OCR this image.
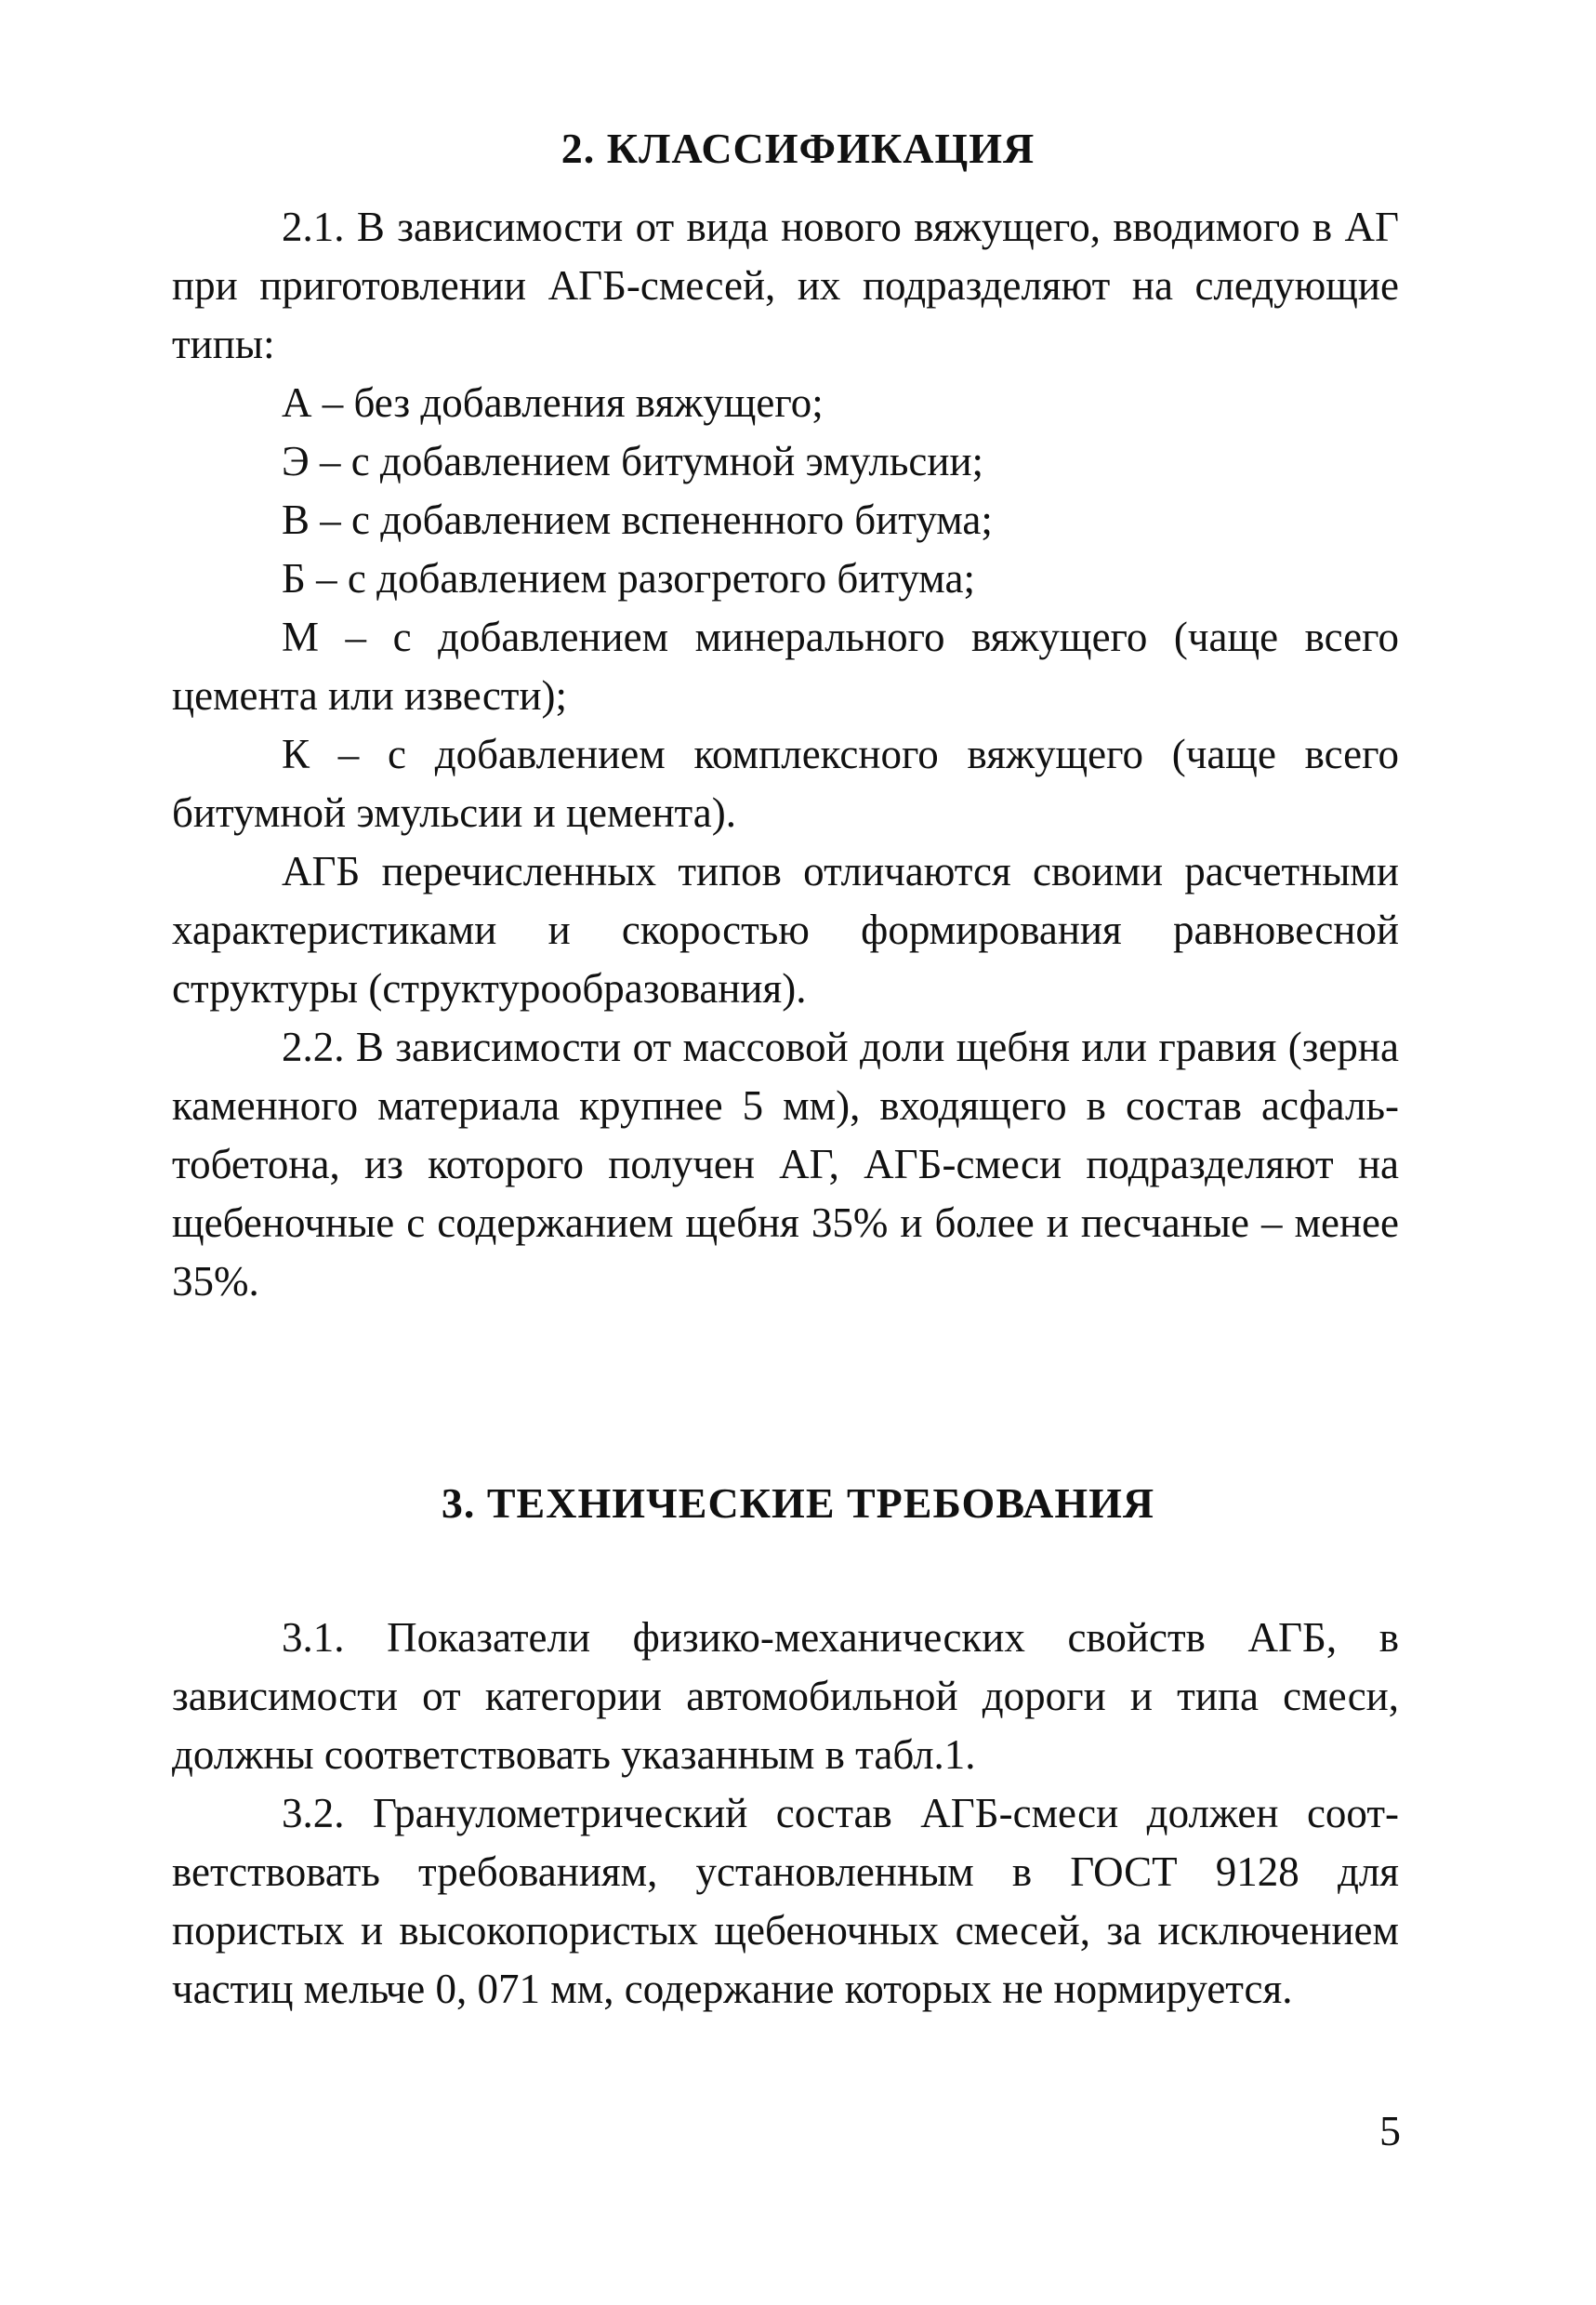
2. КЛАССИФИКАЦИЯ

2.1. В зависимости от вида нового вяжущего, вводимого в АГ

при приготовлении АГБ-смесей, их подразделяют на следующие

типы:

А – без добавления вяжущего;

Э – с добавлением битумной эмульсии;

В – с добавлением вспененного битума;

Б – с добавлением разогретого битума;

М – с добавлением минерального вяжущего (чаще всего

цемента или извести);

К – с добавлением комплексного вяжущего (чаще всего

битумной эмульсии и цемента).

АГБ перечисленных типов отличаются своими расчетными

характеристиками и скоростью формирования равновесной

структуры (структурообразования).

2.2. В зависимости от массовой доли щебня или гравия (зерна

каменного материала крупнее 5 мм), входящего в состав асфаль-

тобетона, из которого получен АГ, АГБ-смеси подразделяют на

щебеночные с содержанием щебня 35% и более и песчаные – менее

35%.

3. ТЕХНИЧЕСКИЕ ТРЕБОВАНИЯ

3.1. Показатели физико-механических свойств АГБ, в

зависимости от категории автомобильной дороги и типа смеси,

должны соответствовать указанным в табл.1.

3.2. Гранулометрический состав АГБ-смеси должен соот-

ветствовать требованиям, установленным в ГОСТ 9128 для

пористых и высокопористых щебеночных смесей, за исключением

частиц мельче 0, 071 мм, содержание которых не нормируется.

5
